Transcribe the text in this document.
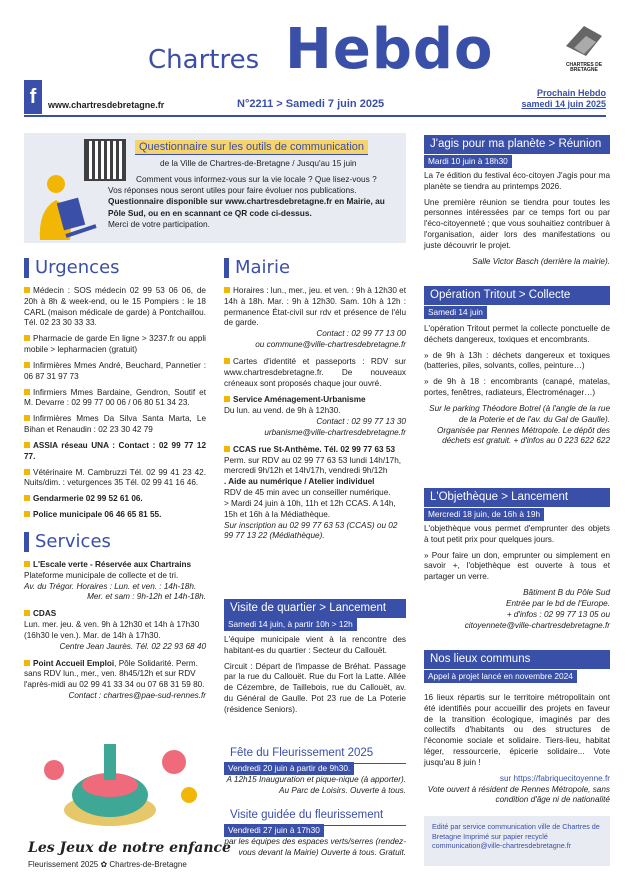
Chartres Hebdo	CHARTRES DE BRETAGNE
f	www.chartresdebretagne.fr	N°2211 > Samedi 7 juin 2025
Prochain Hebdo
samedi 14 juin 2025
Questionnaire sur les outils de communication
de la Ville de Chartres-de-Bretagne / Jusqu'au 15 juin
Comment vous informez-vous sur la vie locale ? Que lisez-vous ?
Vos réponses nous seront utiles pour faire évoluer nos publications.
Questionnaire disponible sur www.chartresdebretagne.fr en Mairie, au Pôle Sud, ou en en scannant ce QR code ci-dessus.
Merci de votre participation.
Urgences

Médecin : SOS médecin 02 99 53 06 06, de 20h à 8h & week-end, ou le 15 Pompiers : le 18 CARL (maison médicale de garde) à Pontchaillou. Tél. 02 23 30 33 33.

Pharmacie de garde En ligne > 3237.fr ou appli mobile > lepharmacien (gratuit)

Infirmières Mmes André, Beuchard, Pannetier : 06 87 31 97 73

Infirmiers Mmes Bardaine, Gendron, Soutif et M. Devarre : 02 99 77 00 06 / 06 80 51 34 23.

Infirmières Mmes Da Silva Santa Marta, Le Bihan et Renaudin : 02 23 30 42 79

ASSIA réseau UNA : Contact : 02 99 77 12 77.

Vétérinaire M. Cambruzzi Tél. 02 99 41 23 42. Nuits/dim. : veturgences 35 Tél. 02 99 41 16 46.

Gendarmerie 02 99 52 61 06.

Police municipale 06 46 65 81 55.

Services
L'Escale verte - Réservée aux Chartrains
Plateforme municipale de collecte et de tri.
Av. du Trégor. Horaires : Lun. et ven. : 14h-18h.
Mer. et sam : 9h-12h et 14h-18h.
CDAS
Lun. mer. jeu. & ven. 9h à 12h30 et 14h à 17h30 (16h30 le ven.). Mar. de 14h à 17h30.
Centre Jean Jaurès. Tél. 02 22 93 68 40
Point Accueil Emploi, Pôle Solidarité. Perm. sans RDV lun., mer., ven. 8h45/12h et sur RDV l'après-midi au 02 99 41 33 34 ou 07 68 31 59 80.
Contact : chartres@pae-sud-rennes.fr
Les Jeux de notre enfance
Fleurissement 2025 ✿ Chartres-de-Bretagne
Mairie
Horaires : lun., mer., jeu. et ven. : 9h à 12h30 et 14h à 18h. Mar. : 9h à 12h30. Sam. 10h à 12h : permanence État-civil sur rdv et présence de l'élu de garde.
Contact : 02 99 77 13 00
ou commune@ville-chartresdebretagne.fr
Cartes d'identité et passeports : RDV sur www.chartresdebretagne.fr. De nouveaux créneaux sont proposés chaque jour ouvré.
Service Aménagement-Urbanisme
Du lun. au vend. de 9h à 12h30.
Contact : 02 99 77 13 30
urbanisme@ville-chartresdebretagne.fr
CCAS rue St-Anthème. Tél. 02 99 77 63 53
Perm. sur RDV au 02 99 77 63 53 lundi 14h/17h, mercredi 9h/12h et 14h/17h, vendredi 9h/12h
. Aide au numérique / Atelier individuel
RDV de 45 min avec un conseiller numérique.
> Mardi 24 juin à 10h, 11h et 12h CCAS. A 14h, 15h et 16h à la Médiathèque.
Sur inscription au 02 99 77 63 53 (CCAS) ou 02 99 77 13 22 (Médiathèque).
Visite de quartier > Lancement
Samedi 14 juin, à partir 10h > 12h

L'équipe municipale vient à la rencontre des habitant-es du quartier : Secteur du Callouët.

Circuit : Départ de l'impasse de Bréhat. Passage par la rue du Callouët. Rue du Fort la Latte. Allée de Cézembre, de Taillebois, rue du Callouët, av. du Général de Gaulle. Pot 23 rue de La Poterie (résidence Seniors).

Fête du Fleurissement 2025
Vendredi 20 juin à partir de 9h30.
A 12h15 Inauguration et pique-nique (à apporter). Au Parc de Loisirs. Ouverte à tous.
Visite guidée du fleurissement
Vendredi 27 juin à 17h30
par les équipes des espaces verts/serres (rendez-vous devant la Mairie) Ouverte à tous. Gratuit.
J'agis pour ma planète > Réunion
Mardi 10 juin à 18h30

La 7e édition du festival éco-citoyen J'agis pour ma planète se tiendra au printemps 2026.

Une première réunion se tiendra pour toutes les personnes intéressées par ce temps fort ou par l'éco-citoyenneté ; que vous souhaitiez contribuer à l'organisation, aider lors des manifestations ou juste découvrir le projet.

Salle Victor Basch (derrière la mairie).

Opération Tritout > Collecte
Samedi 14 juin

L'opération Tritout permet la collecte ponctuelle de déchets dangereux, toxiques et encombrants.

» de 9h à 13h : déchets dangereux et toxiques (batteries, piles, solvants, colles, peinture…)

» de 9h à 18 : encombrants (canapé, matelas, portes, fenêtres, radiateurs, Électroménager…)

Sur le parking Théodore Botrel (à l'angle de la rue de la Poterie et de l'av. du Gal de Gaulle). Organisée par Rennes Métropole. Le dépôt des déchets est gratuit. + d'infos au 0 223 622 622

L'Objethèque > Lancement
Mercredi 18 juin, de 16h à 19h

L'objethèque vous permet d'emprunter des objets à tout petit prix pour quelques jours.

» Pour faire un don, emprunter ou simplement en savoir +, l'objethèque est ouverte à tous et partager un verre.

Bâtiment B du Pôle Sud
Entrée par le bd de l'Europe.
+ d'infos : 02 99 77 13 05 ou
citoyennete@ville-chartresdebretagne.fr
Nos lieux communs
Appel à projet lancé en novembre 2024

16 lieux répartis sur le territoire métropolitain ont été identifiés pour accueillir des projets en faveur de la transition écologique, imaginés par des collectifs d'habitants ou des structures de l'économie sociale et solidaire. Tiers-lieu, habitat léger, ressourcerie, épicerie solidaire... Vote jusqu'au 8 juin !

sur https://fabriquecitoyenne.fr
Vote ouvert à résident de Rennes Métropole, sans condition d'âge ni de nationalité
Edité par service communication ville de Chartres de Bretagne Imprimé sur papier recyclé communication@ville-chartresdebretagne.fr
